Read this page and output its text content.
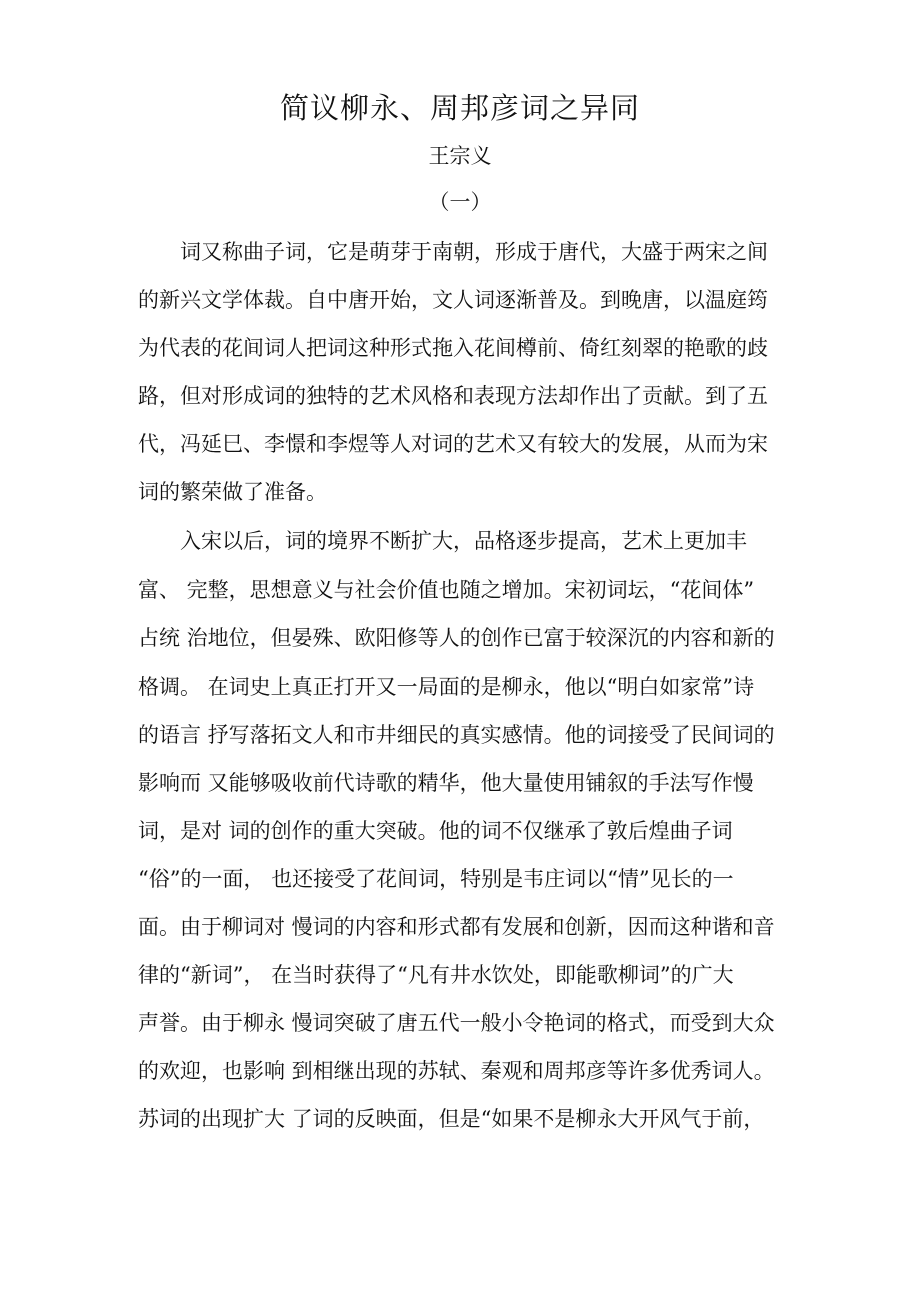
简议柳永、周邦彦词之异同
王宗义
（一）
词又称曲子词，它是萌芽于南朝，形成于唐代，大盛于两宋之间
的新兴文学体裁。自中唐开始，文人词逐渐普及。到晚唐，以温庭筠
为代表的花间词人把词这种形式拖入花间樽前、倚红刻翠的艳歌的歧
路，但对形成词的独特的艺术风格和表现方法却作出了贡献。到了五
代，冯延巳、李憬和李煜等人对词的艺术又有较大的发展，从而为宋
词的繁荣做了准备。
入宋以后，词的境界不断扩大，品格逐步提高，艺术上更加丰
富、 完整，思想意义与社会价值也随之增加。宋初词坛，“花间体”
占统 治地位，但晏殊、欧阳修等人的创作已富于较深沉的内容和新的
格调。 在词史上真正打开又一局面的是柳永，他以“明白如家常”诗
的语言 抒写落拓文人和市井细民的真实感情。他的词接受了民间词的
影响而 又能够吸收前代诗歌的精华，他大量使用铺叙的手法写作慢
词，是对 词的创作的重大突破。他的词不仅继承了敦后煌曲子词
“俗”的一面， 也还接受了花间词，特别是韦庄词以“情”见长的一
面。由于柳词对 慢词的内容和形式都有发展和创新，因而这种谐和音
律的“新词”， 在当时获得了“凡有井水饮处，即能歌柳词”的广大
声誉。由于柳永 慢词突破了唐五代一般小令艳词的格式，而受到大众
的欢迎，也影响 到相继出现的苏轼、秦观和周邦彦等许多优秀词人。
苏词的出现扩大 了词的反映面，但是“如果不是柳永大开风气于前，
